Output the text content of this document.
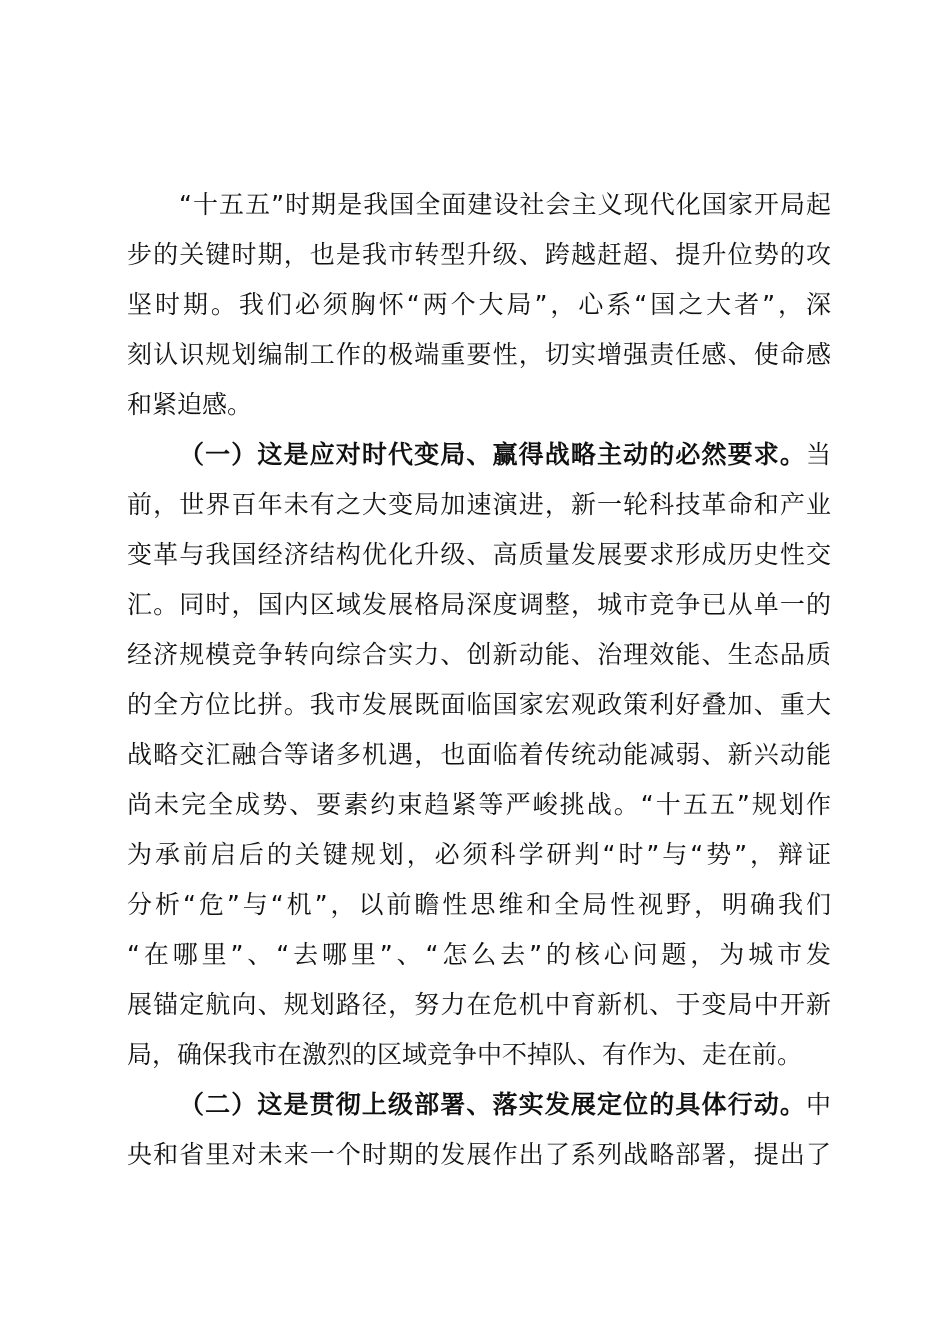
“十五五”时期是我国全面建设社会主义现代化国家开局起
步的关键时期，也是我市转型升级、跨越赶超、提升位势的攻
坚时期。我们必须胸怀“两个大局”，心系“国之大者”，深
刻认识规划编制工作的极端重要性，切实增强责任感、使命感
和紧迫感。
（一）这是应对时代变局、赢得战略主动的必然要求。当
前，世界百年未有之大变局加速演进，新一轮科技革命和产业
变革与我国经济结构优化升级、高质量发展要求形成历史性交
汇。同时，国内区域发展格局深度调整，城市竞争已从单一的
经济规模竞争转向综合实力、创新动能、治理效能、生态品质
的全方位比拼。我市发展既面临国家宏观政策利好叠加、重大
战略交汇融合等诸多机遇，也面临着传统动能减弱、新兴动能
尚未完全成势、要素约束趋紧等严峻挑战。“十五五”规划作
为承前启后的关键规划，必须科学研判“时”与“势”，辩证
分析“危”与“机”，以前瞻性思维和全局性视野，明确我们
“在哪里”、“去哪里”、“怎么去”的核心问题，为城市发
展锚定航向、规划路径，努力在危机中育新机、于变局中开新
局，确保我市在激烈的区域竞争中不掉队、有作为、走在前。
（二）这是贯彻上级部署、落实发展定位的具体行动。中
央和省里对未来一个时期的发展作出了系列战略部署，提出了
